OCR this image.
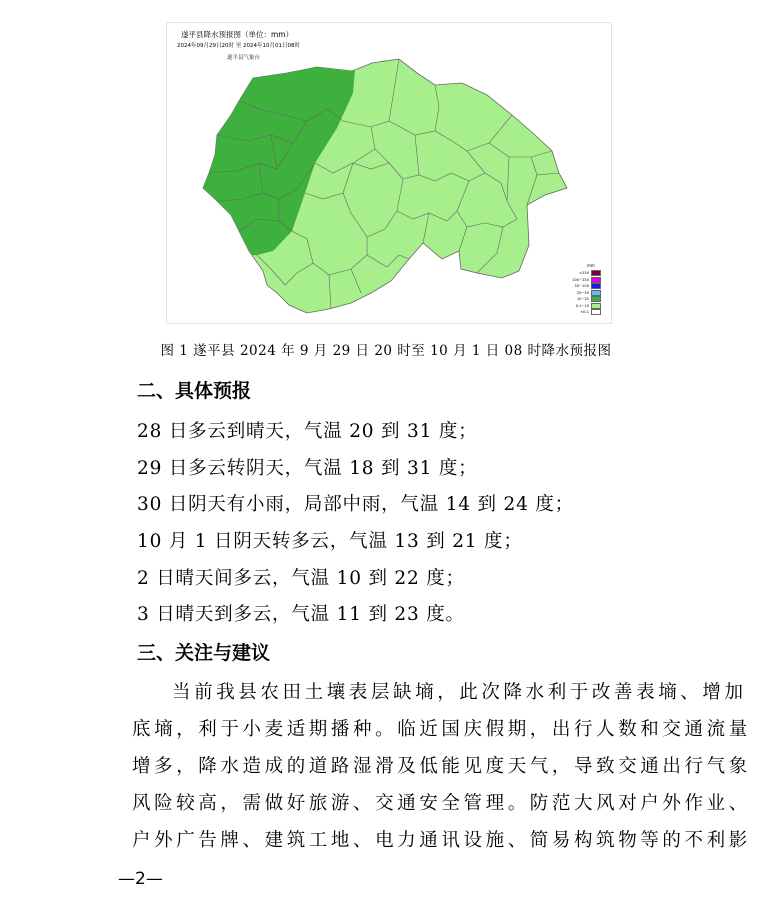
遂平县降水预报图（单位：mm）
2024年09月29日20时 至 2024年10月01日08时
遂平县气象台
mm
>250
100~250
50~100
25~50
10~25
0.1~10
<0.1
图 1 遂平县 2024 年 9 月 29 日 20 时至 10 月 1 日 08 时降水预报图
二、具体预报
28 日多云到晴天，气温 20 到 31 度；
29 日多云转阴天，气温 18 到 31 度；
30 日阴天有小雨，局部中雨，气温 14 到 24 度；
10 月 1 日阴天转多云，气温 13 到 21 度；
2 日晴天间多云，气温 10 到 22 度；
3 日晴天到多云，气温 11 到 23 度。
三、关注与建议
当前我县农田土壤表层缺墒，此次降水利于改善表墒、增加
底墒，利于小麦适期播种。临近国庆假期，出行人数和交通流量
增多，降水造成的道路湿滑及低能见度天气，导致交通出行气象
风险较高，需做好旅游、交通安全管理。防范大风对户外作业、
户外广告牌、建筑工地、电力通讯设施、简易构筑物等的不利影
—2—
